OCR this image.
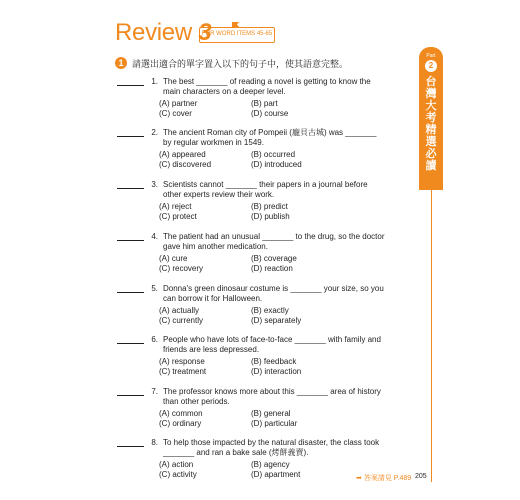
Review 3
FOR WORD ITEMS 45-65
1 請選出適合的單字置入以下的句子中，使其語意完整。
1. The best _______ of reading a novel is getting to know the main characters on a deeper level.
(A) partner	(B) part
(C) cover	(D) course
2. The ancient Roman city of Pompeii (龐貝古城) was _______ by regular workmen in 1549.
(A) appeared	(B) occurred
(C) discovered	(D) introduced
3. Scientists cannot _______ their papers in a journal before other experts review their work.
(A) reject	(B) predict
(C) protect	(D) publish
4. The patient had an unusual _______ to the drug, so the doctor gave him another medication.
(A) cure	(B) coverage
(C) recovery	(D) reaction
5. Donna's green dinosaur costume is _______ your size, so you can borrow it for Halloween.
(A) actually	(B) exactly
(C) currently	(D) separately
6. People who have lots of face-to-face _______ with family and friends are less depressed.
(A) response	(B) feedback
(C) treatment	(D) interaction
7. The professor knows more about this _______ area of history than other periods.
(A) common	(B) general
(C) ordinary	(D) particular
8. To help those impacted by the natural disaster, the class took _______ and ran a bake sale (烤餅義賣).
(A) action	(B) agency
(C) activity	(D) apartment
Part
2
台
灣
大
考
精
選
必
讀
➥ 答案請見 P.489 205
